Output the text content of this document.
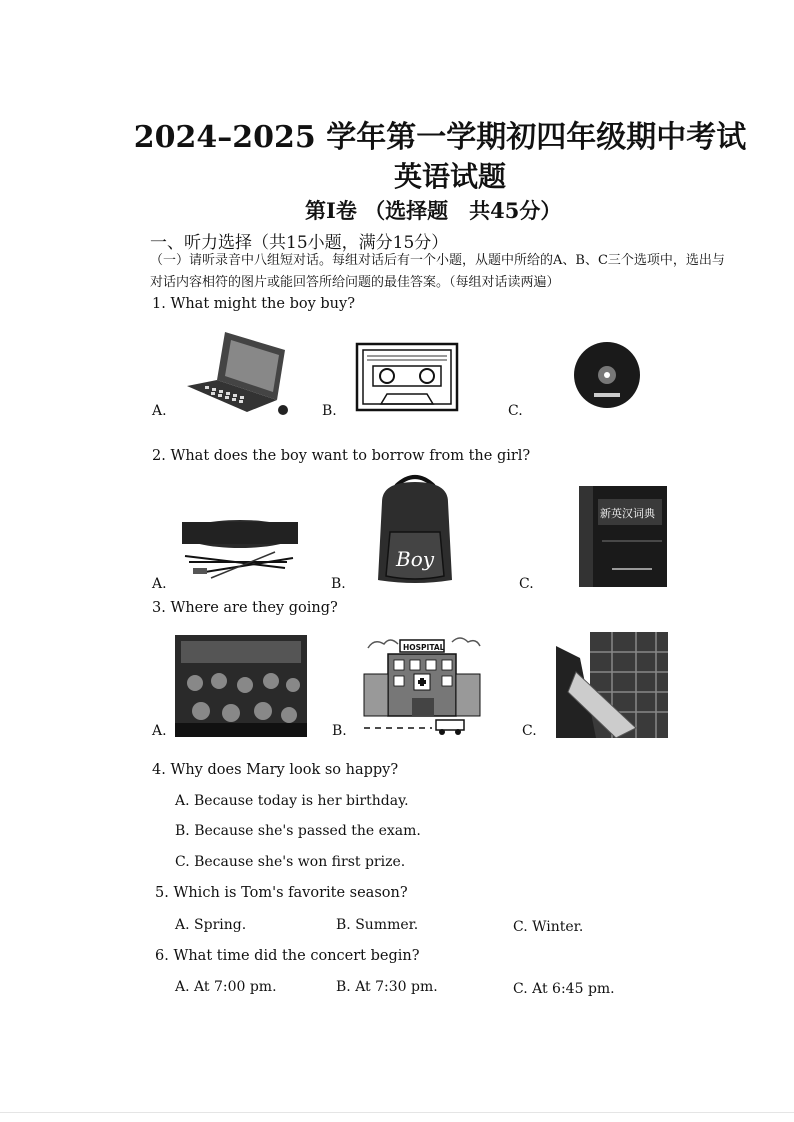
2024–2025 学年第一学期初四年级期中考试
英语试题
第I卷 （选择题　共45分）
一、听力选择（共15小题，满分15分）
（一）请听录音中八组短对话。每组对话后有一个小题，从题中所给的A、B、C三个选项中，选出与对话内容相符的图片或能回答所给问题的最佳答案。（每组对话读两遍）
1. What might the boy buy?
A.	B.	C.
2. What does the boy want to borrow from the girl?
A.
Boy
B.
新英汉词典
C.
3. Where are they going?
A.
HOSPITAL
B.	C.
4. Why does Mary look so happy?
A. Because today is her birthday.
B. Because she's passed the exam.
C. Because she's won first prize.
5. Which is Tom's favorite season?
A. Spring.	B. Summer.	C. Winter.
6. What time did the concert begin?
A. At 7:00 pm.	B. At 7:30 pm.	C. At 6:45 pm.
